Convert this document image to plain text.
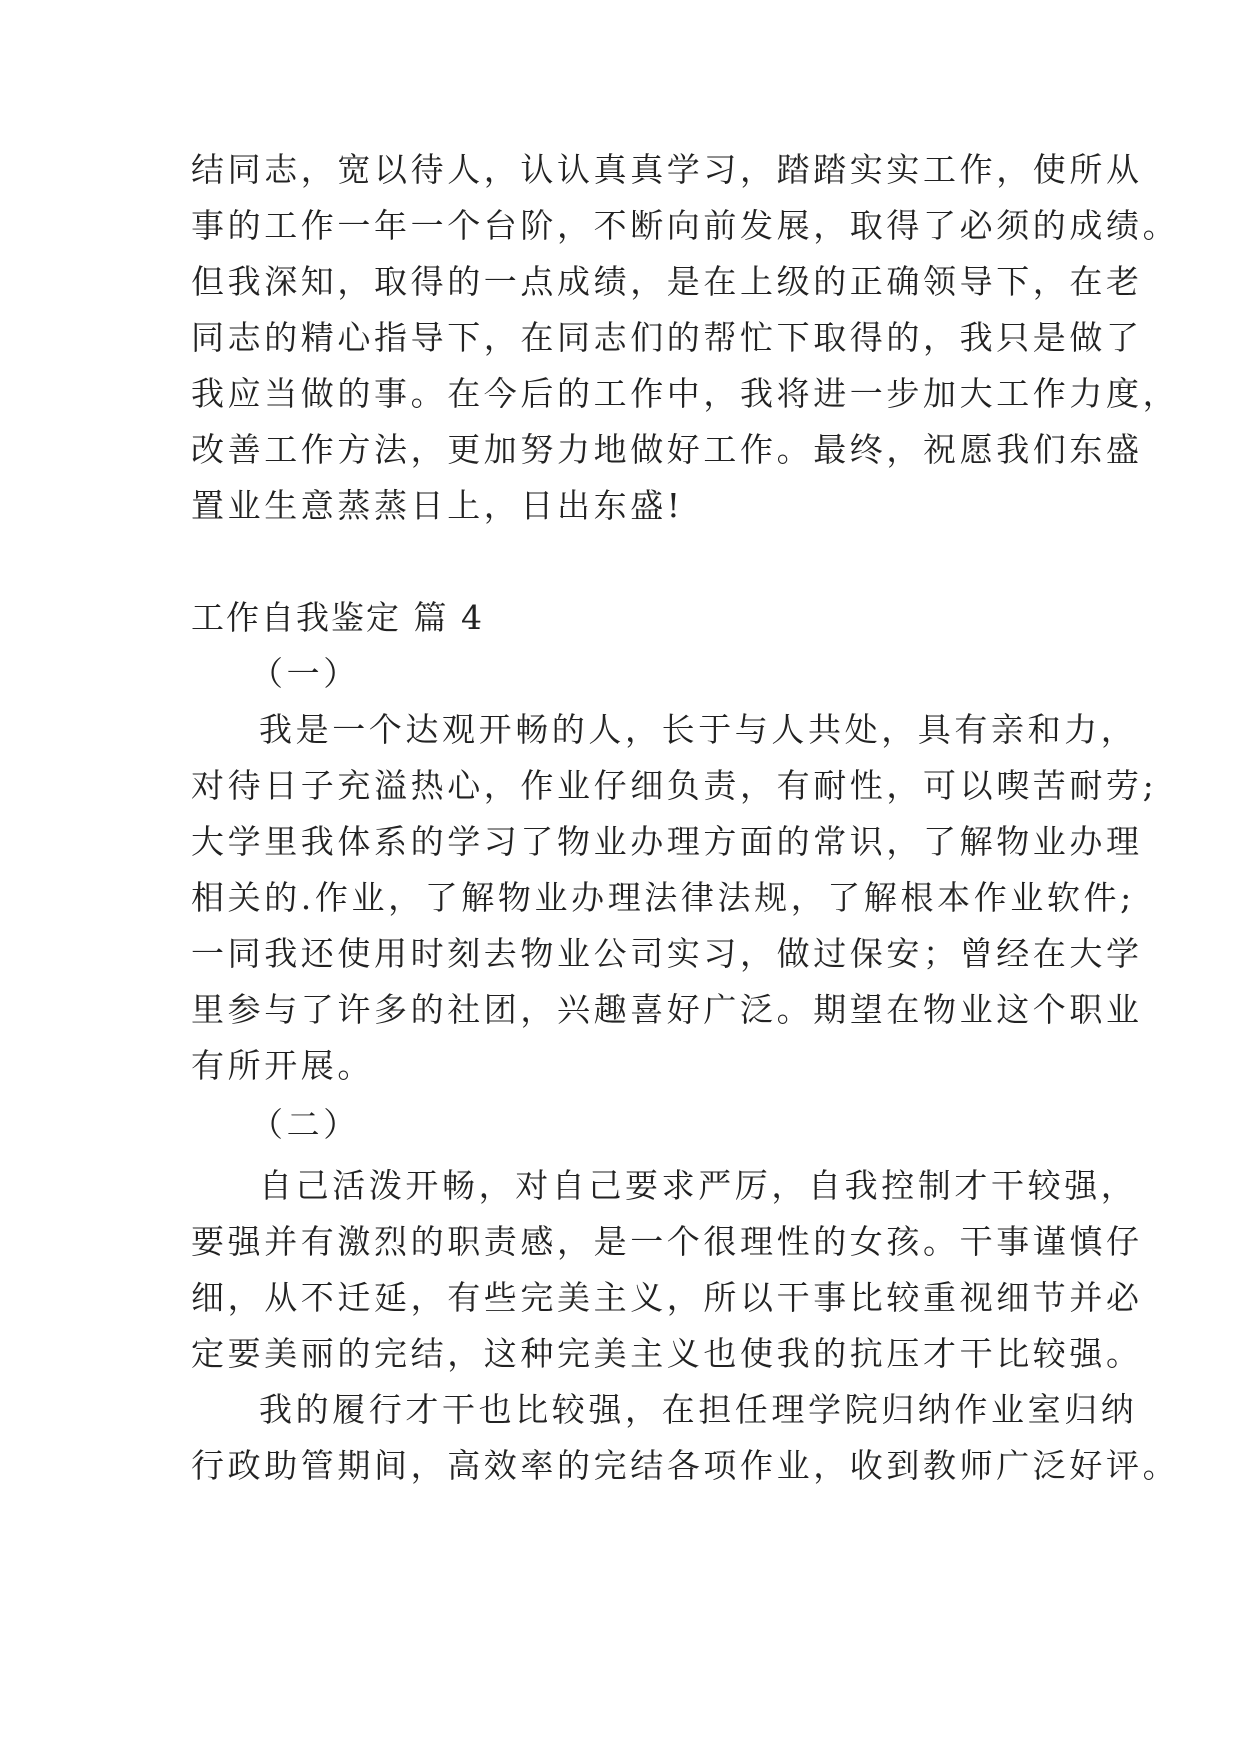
结同志，宽以待人，认认真真学习，踏踏实实工作，使所从
事的工作一年一个台阶，不断向前发展，取得了必须的成绩。
但我深知，取得的一点成绩，是在上级的正确领导下，在老
同志的精心指导下，在同志们的帮忙下取得的，我只是做了
我应当做的事。在今后的工作中，我将进一步加大工作力度，
改善工作方法，更加努力地做好工作。最终，祝愿我们东盛
置业生意蒸蒸日上，日出东盛!
工作自我鉴定 篇 4
（一）
我是一个达观开畅的人，长于与人共处，具有亲和力，
对待日子充溢热心，作业仔细负责，有耐性，可以喫苦耐劳;
大学里我体系的学习了物业办理方面的常识，了解物业办理
相关的.作业，了解物业办理法律法规，了解根本作业软件;
一同我还使用时刻去物业公司实习，做过保安；曾经在大学
里参与了许多的社团，兴趣喜好广泛。期望在物业这个职业
有所开展。
（二）
自己活泼开畅，对自己要求严厉，自我控制才干较强，
要强并有激烈的职责感，是一个很理性的女孩。干事谨慎仔
细，从不迁延，有些完美主义，所以干事比较重视细节并必
定要美丽的完结，这种完美主义也使我的抗压才干比较强。
我的履行才干也比较强，在担任理学院归纳作业室归纳
行政助管期间，高效率的完结各项作业，收到教师广泛好评。
